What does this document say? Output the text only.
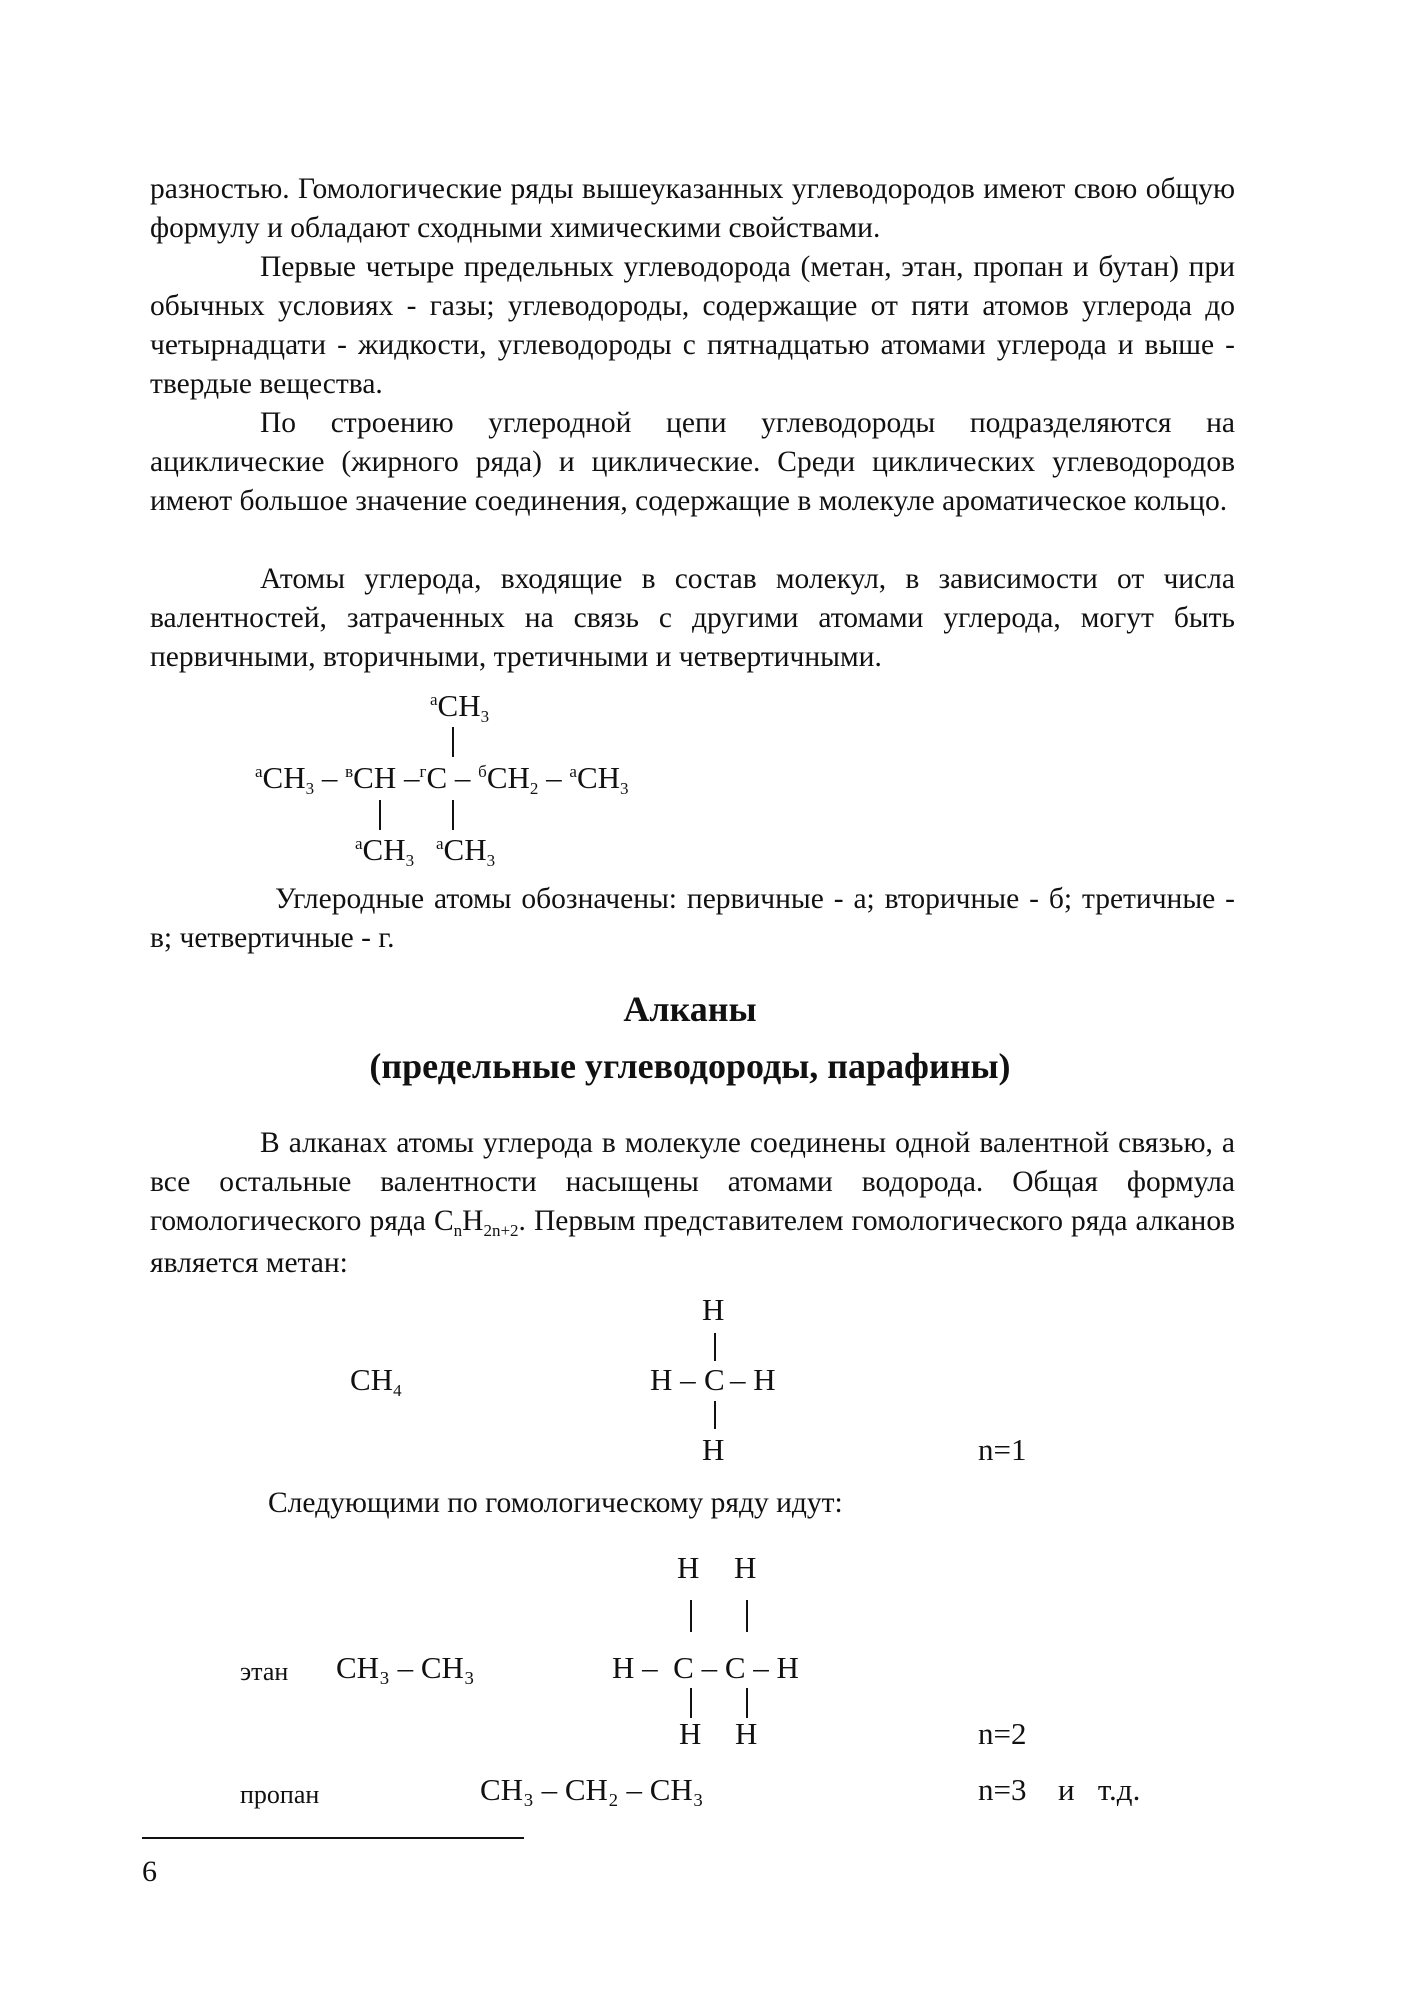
разностью. Гомологические ряды вышеуказанных углеводородов имеют свою общую формулу и обладают сходными химическими свойствами.

Первые четыре предельных углеводорода (метан, этан, пропан и бутан) при обычных условиях - газы; углеводороды, содержащие от пяти атомов углерода до четырнадцати - жидкости, углеводороды с пятнадцатью атомами углерода и выше - твердые вещества.

По строению углеродной цепи углеводороды подразделяются на ациклические (жирного ряда) и циклические. Среди циклических углеводородов имеют большое значение соединения, содержащие в молекуле ароматическое кольцо.

Атомы углерода, входящие в состав молекул, в зависимости от числа валентностей, затраченных на связь с другими атомами углерода, могут быть первичными, вторичными, третичными и четвертичными.

$^а$CH3
$^а$CH3 – $^в$CH –$^г$C – $^б$CH2 – $^а$CH3
$^а$CH3
$^а$CH3

Углеродные атомы обозначены: первичные - а; вторичные - б; третичные - в; четвертичные - г.

Алканы
(предельные углеводороды, парафины)

В алканах атомы углерода в молекуле соединены одной валентной связью, а все остальные валентности насыщены атомами водорода. Общая формула гомологического ряда $C_nH_{2n+2}$. Первым представителем гомологического ряда алканов является метан:

CH4
H
H – C – H
H	n=1
Следующими по гомологическому ряду идут:
H H
этан CH₃ – CH₃	H –  C – C – H
H H	n=2
пропан	CH₃ – CH₂ – CH₃	n=3 и   т.д.
6
